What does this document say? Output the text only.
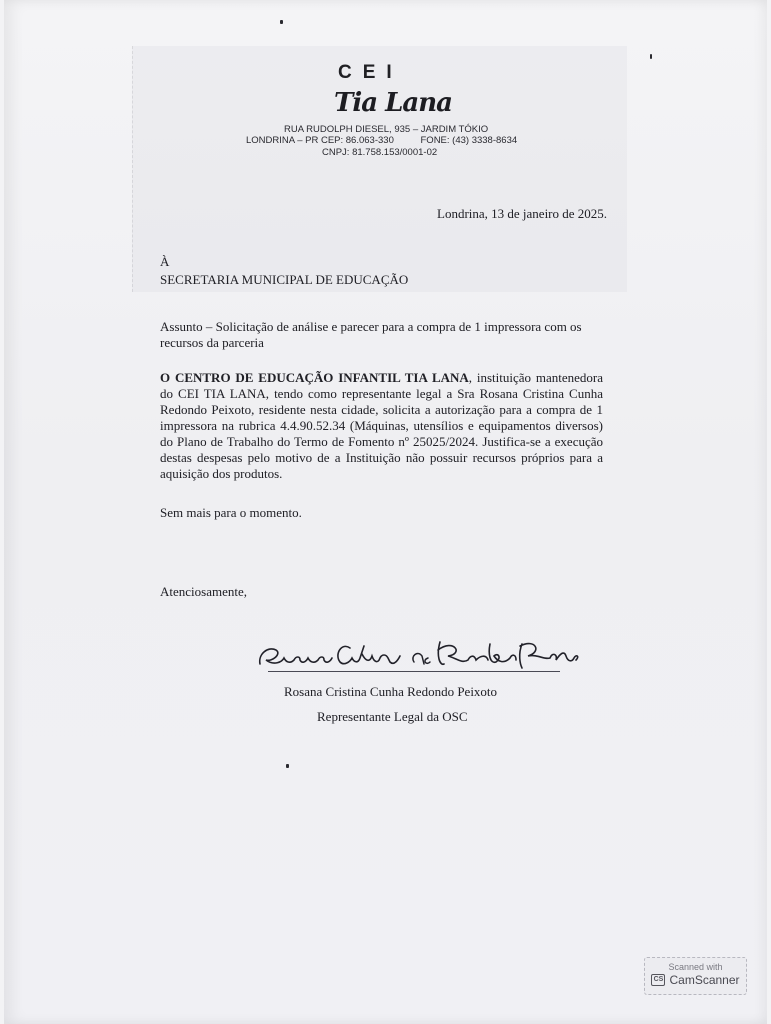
CEI
Tia Lana
RUA RUDOLPH DIESEL, 935 – JARDIM TÓKIO
LONDRINA – PR CEP: 86.063-330	FONE: (43) 3338-8634
CNPJ: 81.758.153/0001-02
Londrina, 13 de janeiro de 2025.
À
SECRETARIA MUNICIPAL DE EDUCAÇÃO
Assunto – Solicitação de análise e parecer para a compra de 1 impressora com os recursos da parceria
O CENTRO DE EDUCAÇÃO INFANTIL TIA LANA, instituição mantenedora do CEI TIA LANA, tendo como representante legal a Sra Rosana Cristina Cunha Redondo Peixoto, residente nesta cidade, solicita a autorização para a compra de 1 impressora na rubrica 4.4.90.52.34 (Máquinas, utensílios e equipamentos diversos) do Plano de Trabalho do Termo de Fomento nº 25025/2024. Justifica-se a execução destas despesas pelo motivo de a Instituição não possuir recursos próprios para a aquisição dos produtos.
Sem mais para o momento.
Atenciosamente,
Rosana Cristina Cunha Redondo Peixoto
Representante Legal da OSC
Scanned with
CS CamScanner
